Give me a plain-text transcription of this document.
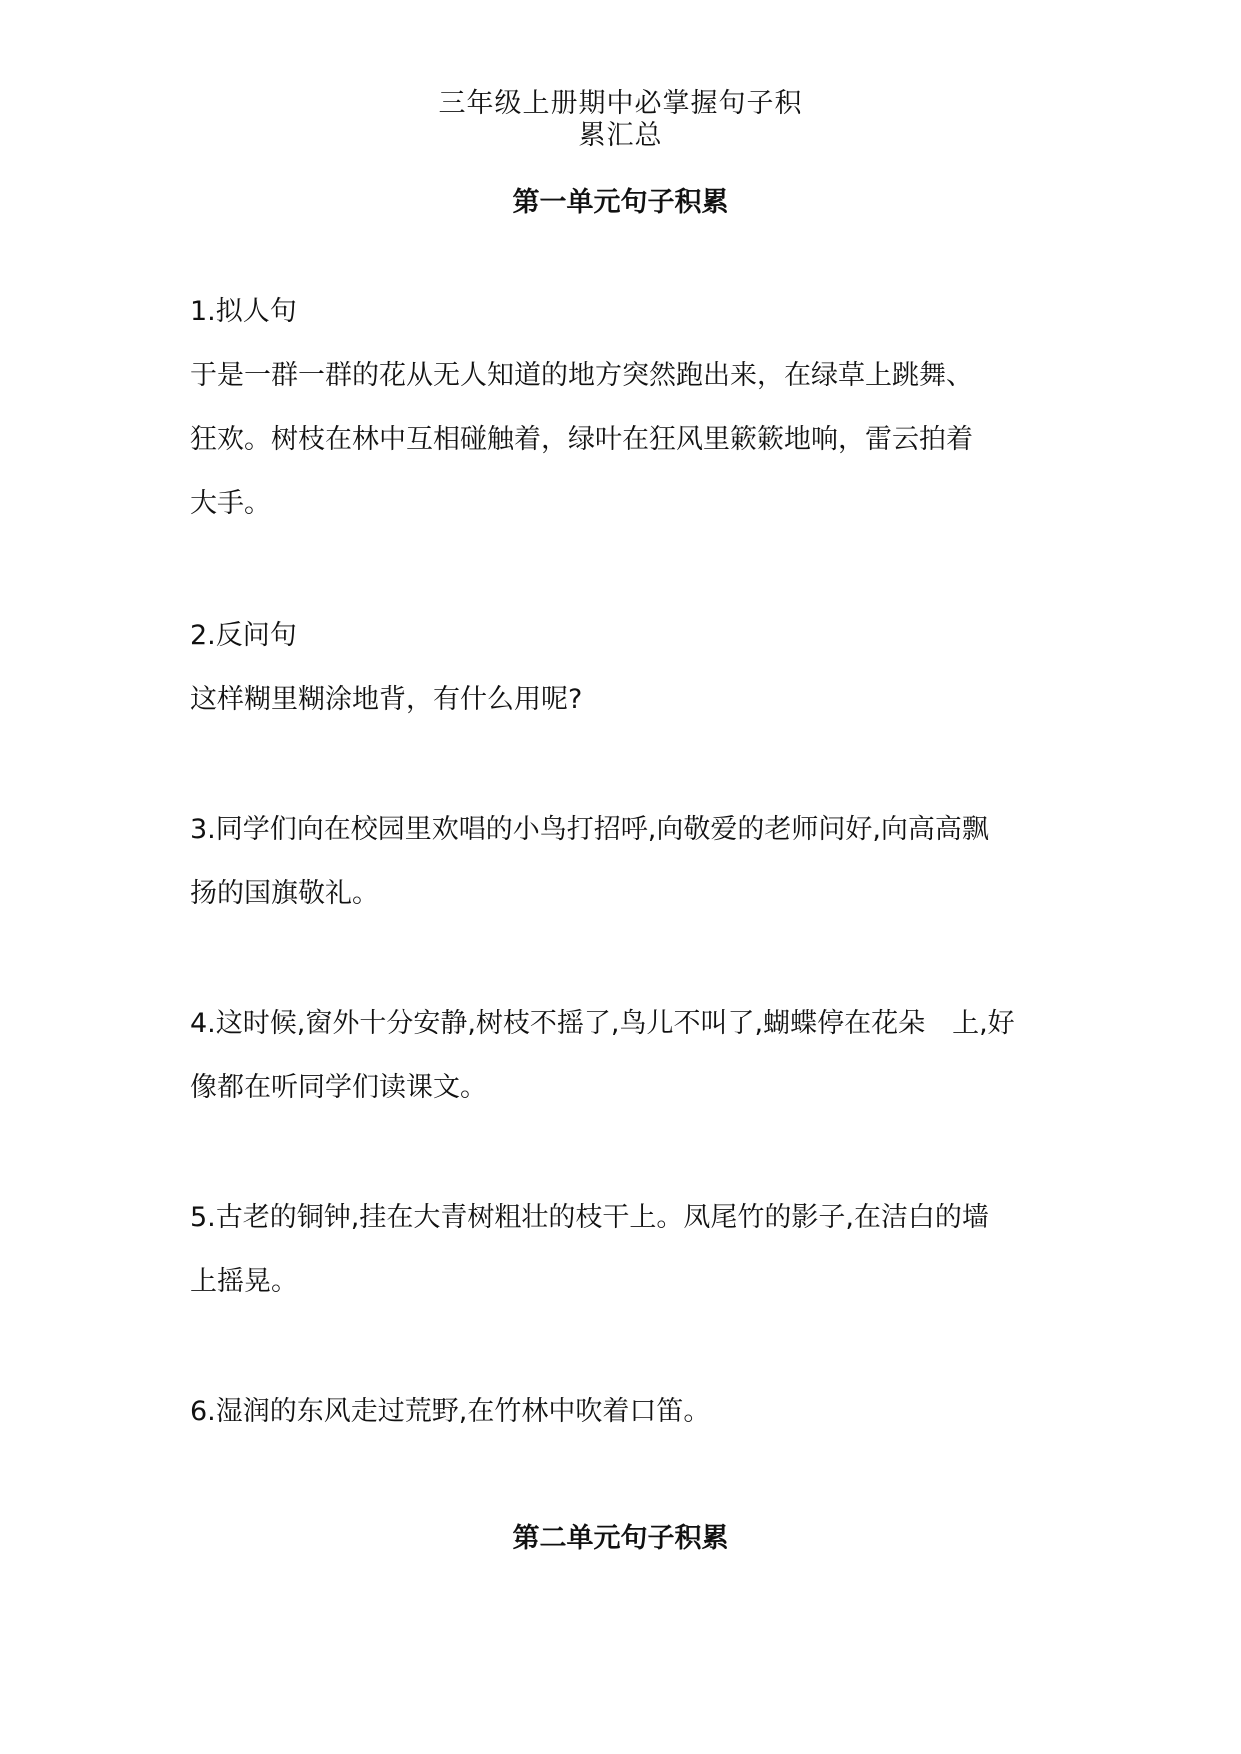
三年级上册期中必掌握句子积
累汇总
第一单元句子积累
1.拟人句
于是一群一群的花从无人知道的地方突然跑出来，在绿草上跳舞、
狂欢。树枝在林中互相碰触着，绿叶在狂风里簌簌地响，雷云拍着
大手。
2.反问句
这样糊里糊涂地背，有什么用呢?
3.同学们向在校园里欢唱的小鸟打招呼,向敬爱的老师问好,向高高飘
扬的国旗敬礼。
4.这时候,窗外十分安静,树枝不摇了,鸟儿不叫了,蝴蝶停在花朵　上,好
像都在听同学们读课文。
5.古老的铜钟,挂在大青树粗壮的枝干上。凤尾竹的影子,在洁白的墙
上摇晃。
6.湿润的东风走过荒野,在竹林中吹着口笛。
第二单元句子积累
